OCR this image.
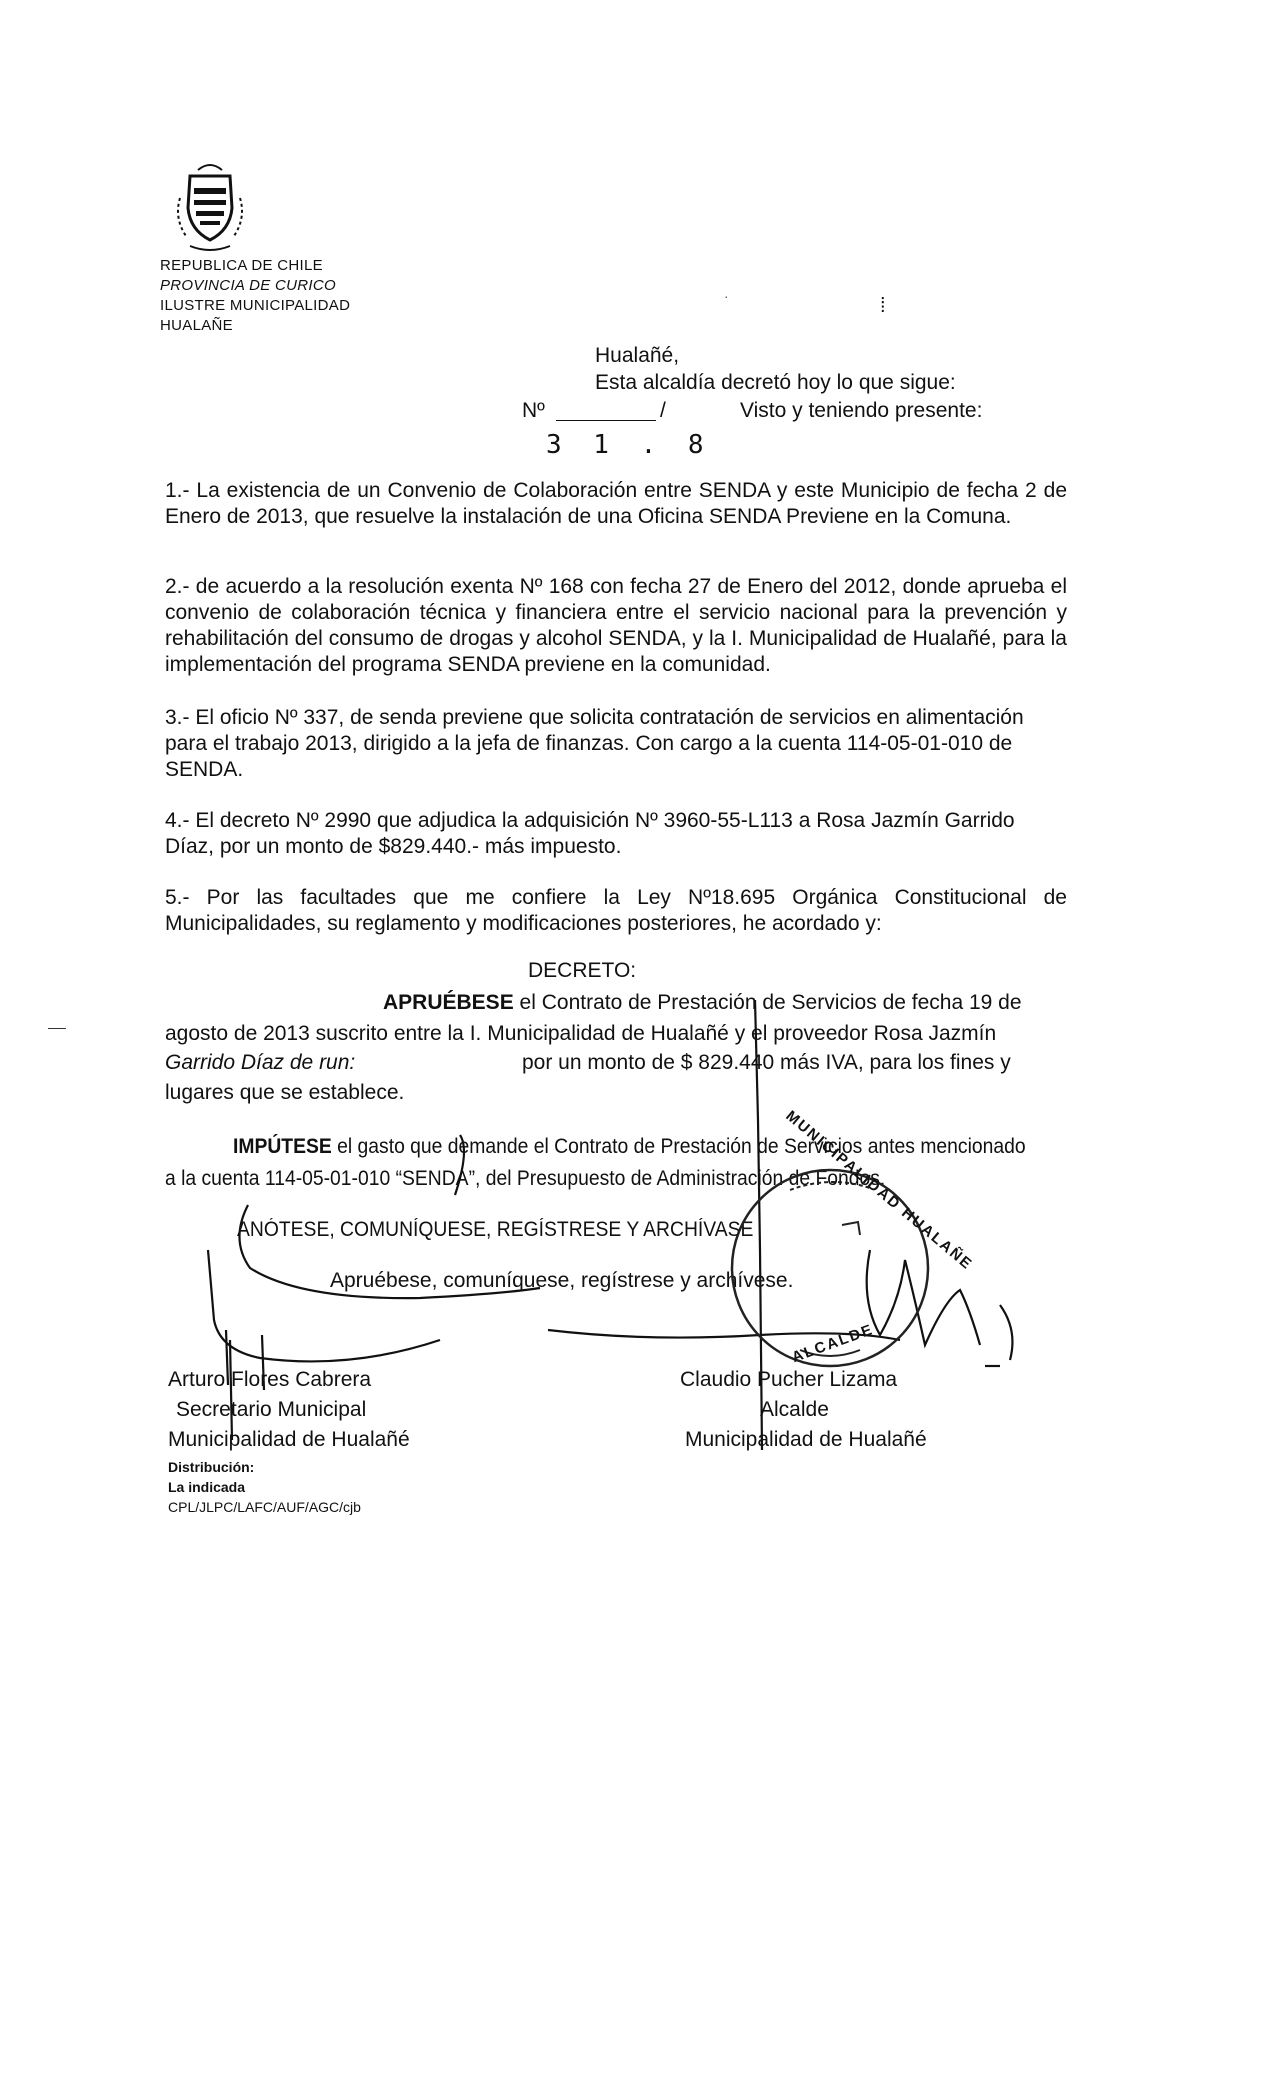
REPUBLICA DE CHILE
PROVINCIA DE CURICO
ILUSTRE MUNICIPALIDAD
HUALAÑE
·	⁞
Hualañé,
Esta alcaldía decretó hoy lo que sigue:
Nº	/	Visto y teniendo presente:
3 1 . 8
1.- La existencia de un Convenio de Colaboración entre SENDA y este Municipio de fecha 2 de Enero de 2013, que resuelve la instalación de una Oficina SENDA Previene en la Comuna.
2.- de acuerdo a la resolución exenta Nº 168 con fecha 27 de Enero del 2012, donde aprueba el convenio de colaboración técnica y financiera entre el servicio nacional para la prevención y rehabilitación del consumo de drogas y alcohol SENDA, y la I. Municipalidad de Hualañé, para la implementación del programa SENDA previene en la comunidad.
3.- El oficio Nº 337, de senda previene que solicita contratación de servicios en alimentación para el trabajo 2013, dirigido a la jefa de finanzas. Con cargo a la cuenta 114-05-01-010 de SENDA.
4.- El decreto Nº 2990 que adjudica la adquisición Nº 3960-55-L113 a Rosa Jazmín Garrido Díaz, por un monto de $829.440.- más impuesto.
5.- Por las facultades que me confiere la Ley Nº18.695 Orgánica Constitucional de Municipalidades, su reglamento y modificaciones posteriores, he acordado y:
DECRETO:
APRUÉBESE el Contrato de Prestación de Servicios de fecha 19 de
agosto de 2013 suscrito entre la I. Municipalidad de Hualañé y el proveedor Rosa Jazmín
Garrido Díaz de run:	por un monto de $ 829.440 más IVA, para los fines y
lugares que se establece.
IMPÚTESE el gasto que demande el Contrato de Prestación de Servicios antes mencionado
a la cuenta 114-05-01-010 “SENDA”, del Presupuesto de Administración de Fondos.
ANÓTESE, COMUNÍQUESE, REGÍSTRESE Y ARCHÍVASE
Apruébese, comuníquese, regístrese y archívese.
MUNICIPALIDAD HUALAÑE
ALCALDE
Arturo Flores Cabrera
Secretario Municipal
Municipalidad de Hualañé
Claudio Pucher Lizama
Alcalde
Municipalidad de Hualañé
Distribución:
La indicada
CPL/JLPC/LAFC/AUF/AGC/cjb
